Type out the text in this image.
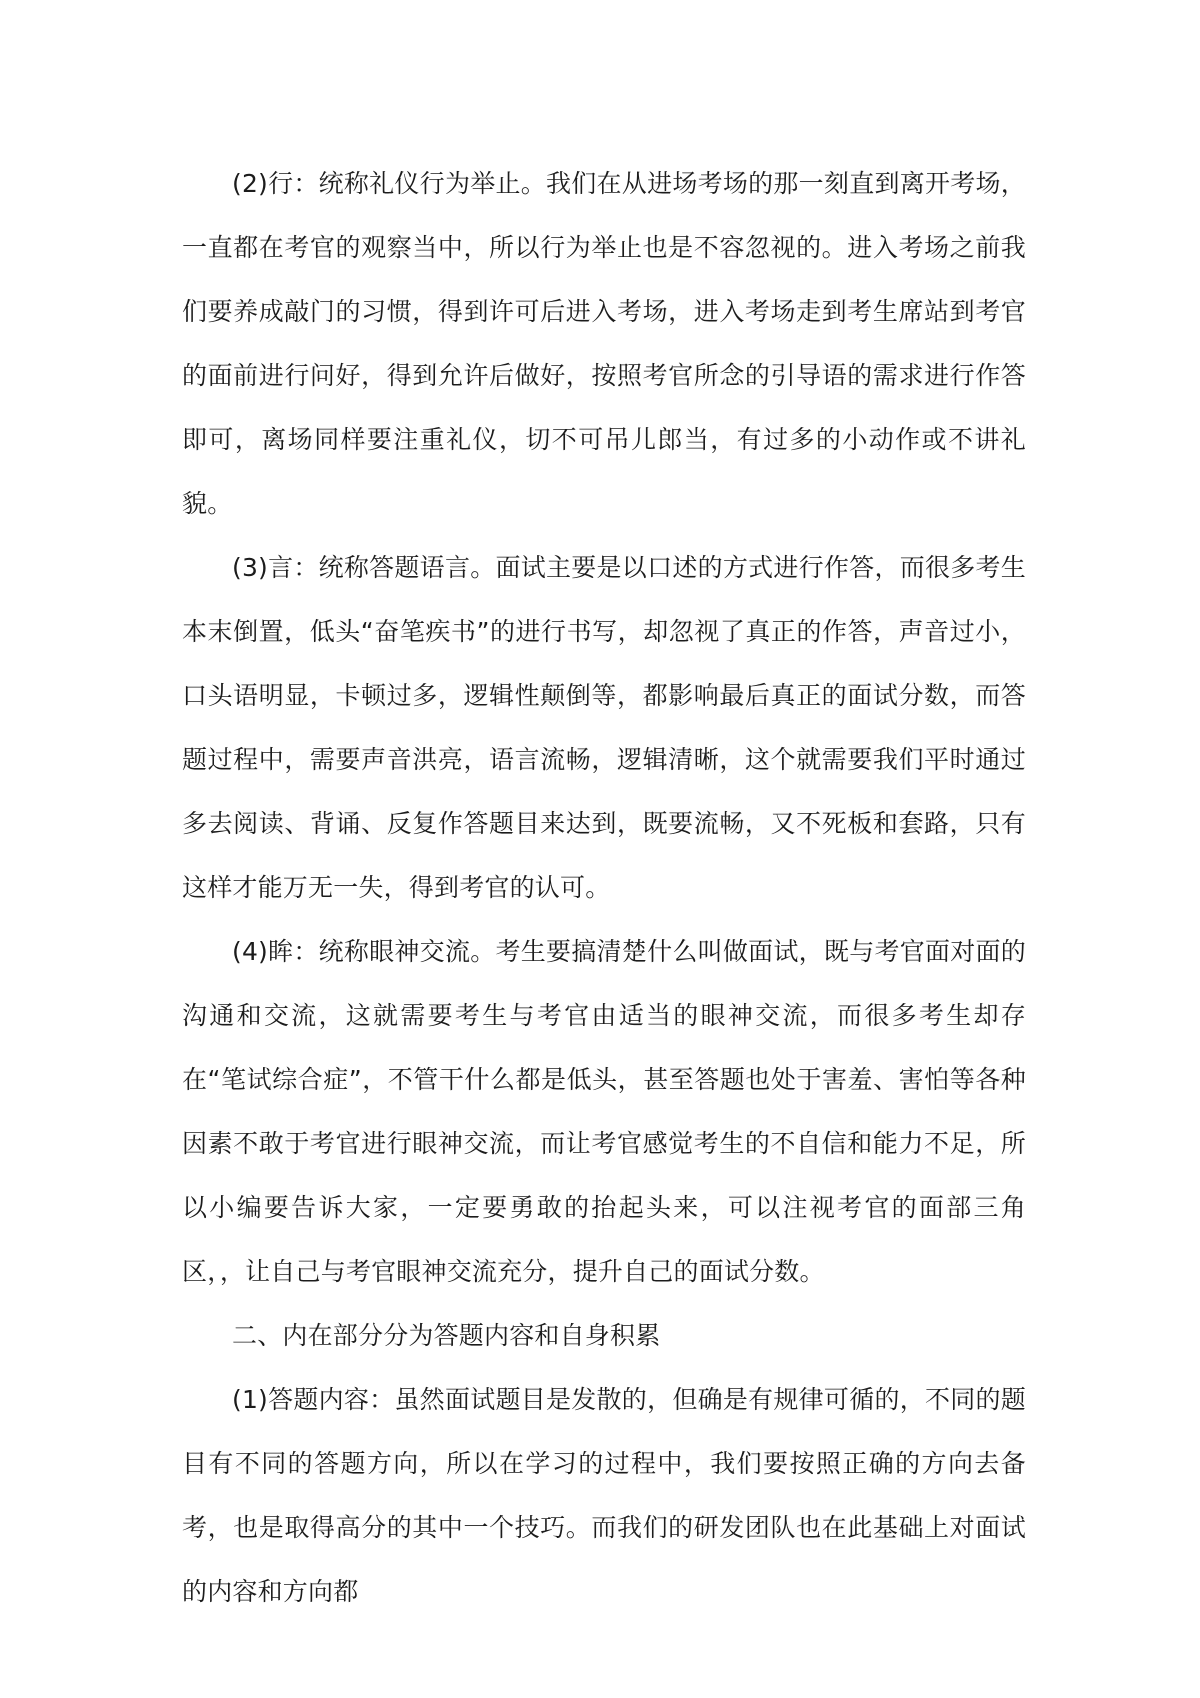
(2)行：统称礼仪行为举止。我们在从进场考场的那一刻直到离开考场，一直都在考官的观察当中，所以行为举止也是不容忽视的。进入考场之前我们要养成敲门的习惯，得到许可后进入考场，进入考场走到考生席站到考官的面前进行问好，得到允许后做好，按照考官所念的引导语的需求进行作答即可，离场同样要注重礼仪，切不可吊儿郎当，有过多的小动作或不讲礼貌。

(3)言：统称答题语言。面试主要是以口述的方式进行作答，而很多考生本末倒置，低头“奋笔疾书”的进行书写，却忽视了真正的作答，声音过小，口头语明显，卡顿过多，逻辑性颠倒等，都影响最后真正的面试分数，而答题过程中，需要声音洪亮，语言流畅，逻辑清晰，这个就需要我们平时通过多去阅读、背诵、反复作答题目来达到，既要流畅，又不死板和套路，只有这样才能万无一失，得到考官的认可。

(4)眸：统称眼神交流。考生要搞清楚什么叫做面试，既与考官面对面的沟通和交流，这就需要考生与考官由适当的眼神交流，而很多考生却存在“笔试综合症”，不管干什么都是低头，甚至答题也处于害羞、害怕等各种因素不敢于考官进行眼神交流，而让考官感觉考生的不自信和能力不足，所以小编要告诉大家，一定要勇敢的抬起头来，可以注视考官的面部三角区，，让自己与考官眼神交流充分，提升自己的面试分数。

二、内在部分分为答题内容和自身积累

(1)答题内容：虽然面试题目是发散的，但确是有规律可循的，不同的题目有不同的答题方向，所以在学习的过程中，我们要按照正确的方向去备考，也是取得高分的其中一个技巧。而我们的研发团队也在此基础上对面试的内容和方向都
